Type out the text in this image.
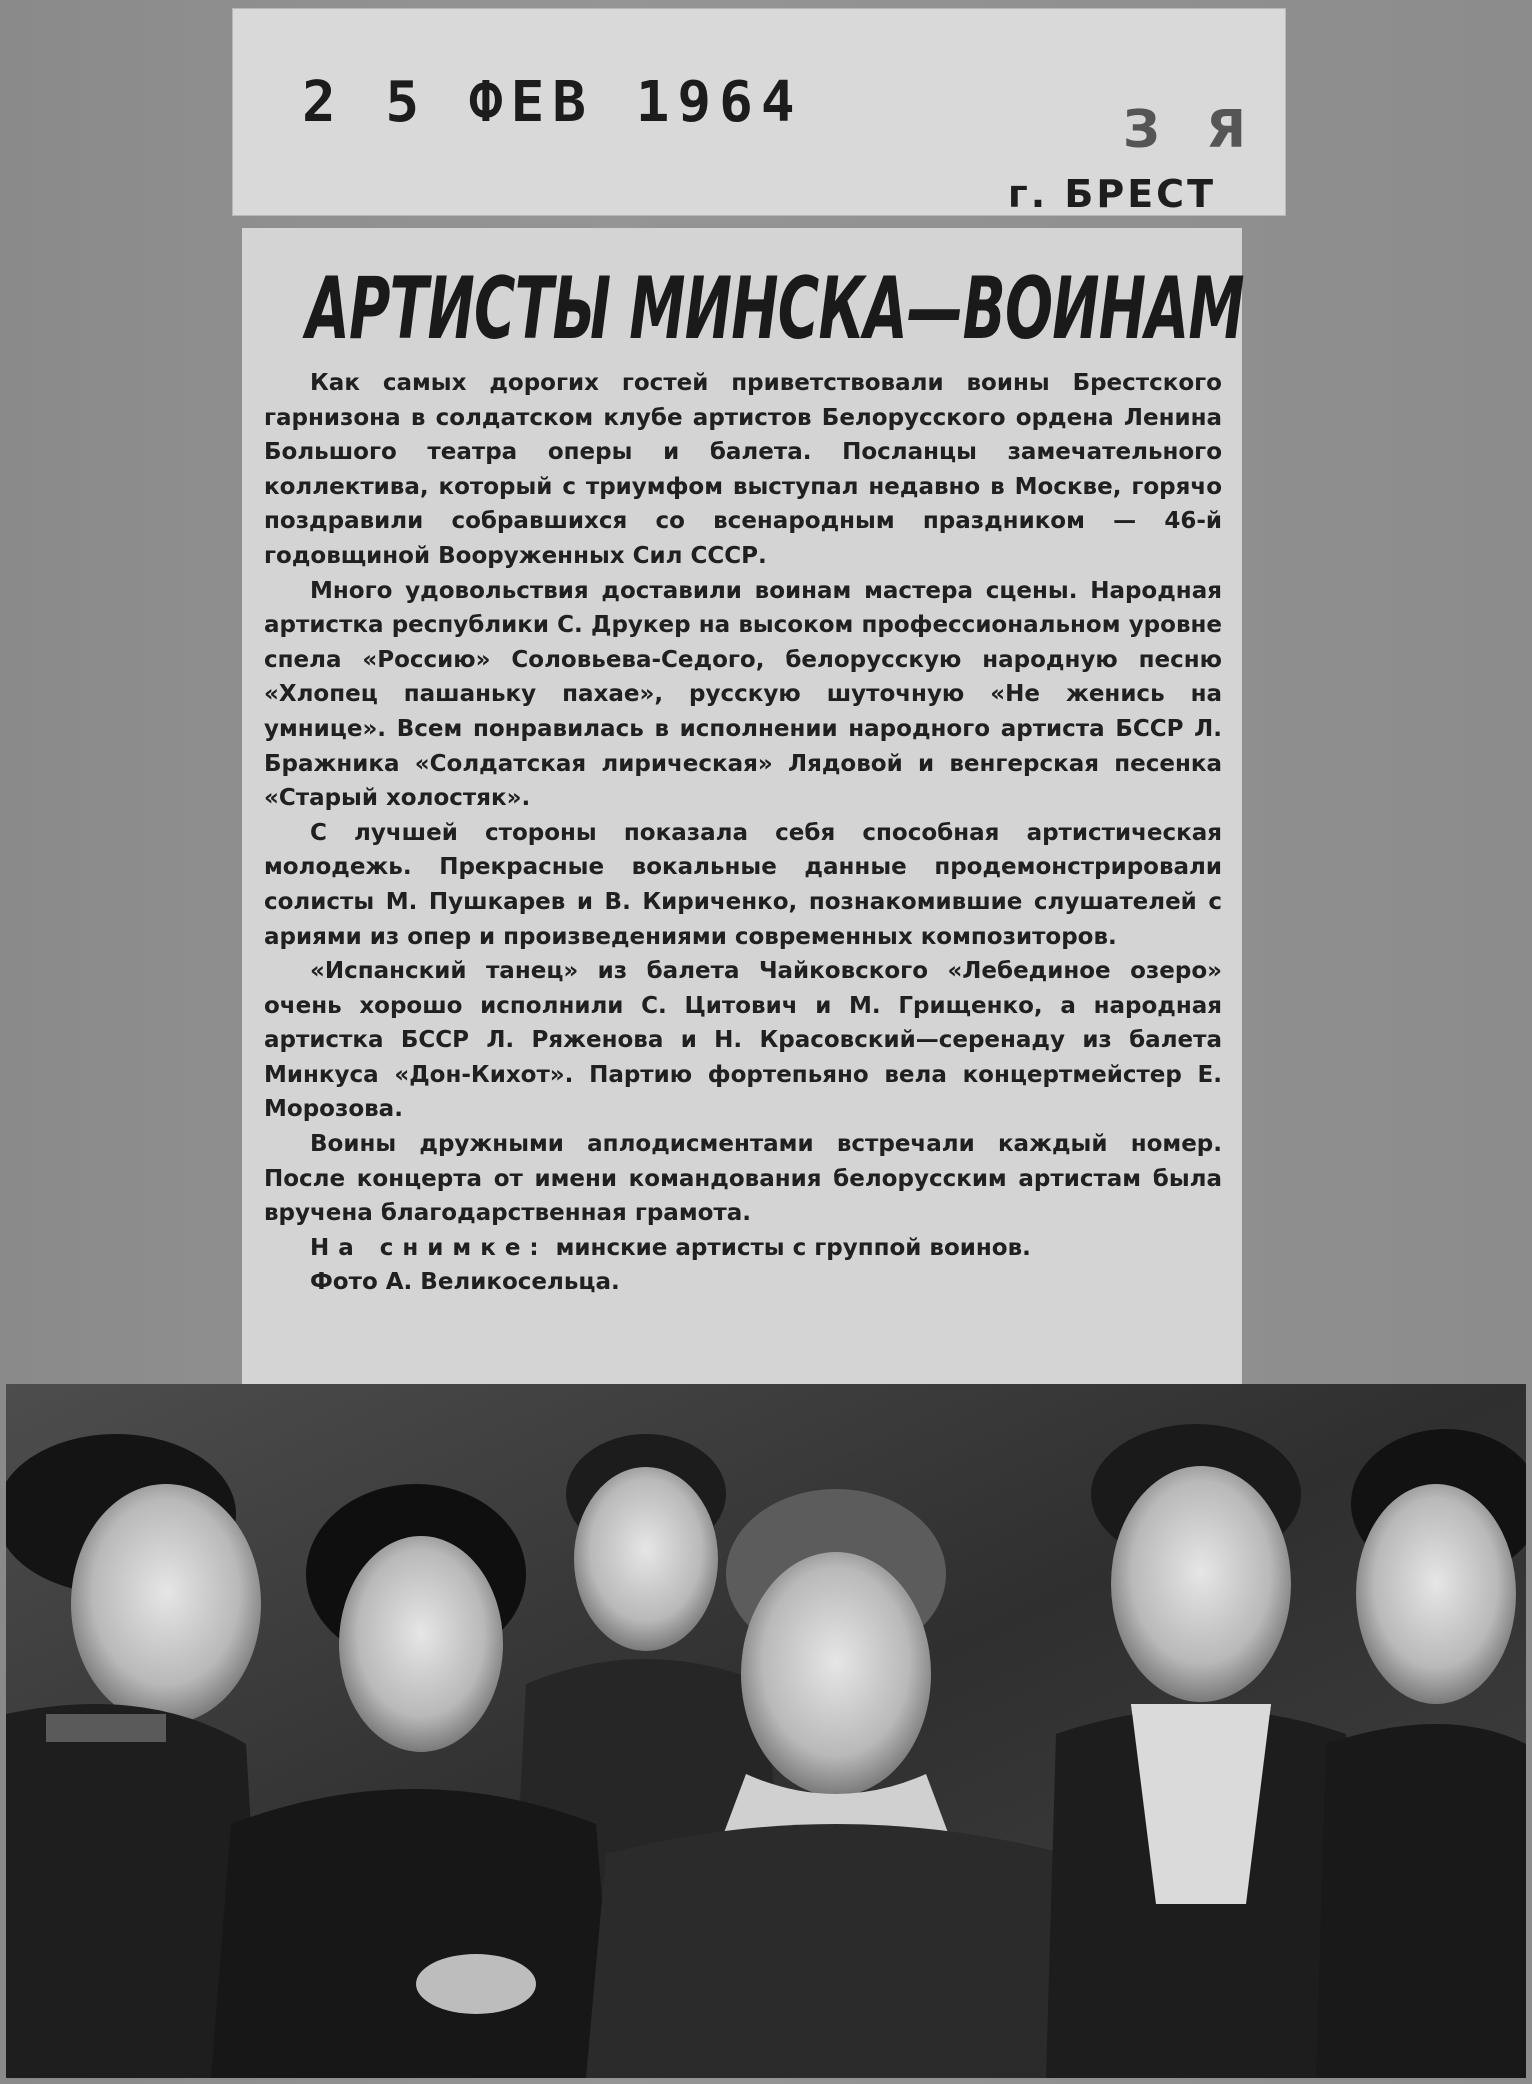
2 5 ФЕВ 1964	З Я
г. БРЕСТ
АРТИСТЫ МИНСКА—ВОИНАМ

Как самых дорогих гостей приветствовали воины Брестского гарнизона в солдатском клубе артистов Белорусского ордена Ленина Большого театра оперы и балета. Посланцы замечательного коллектива, который с триумфом выступал недавно в Москве, горячо поздравили собравшихся со всенародным праздником — 46-й годовщиной Вооруженных Сил СССР.

Много удовольствия доставили воинам мастера сцены. Народная артистка республики С. Друкер на высоком профессиональном уровне спела «Россию» Соловьева-Седого, белорусскую народную песню «Хлопец пашаньку пахае», русскую шуточную «Не женись на умнице». Всем понравилась в исполнении народного артиста БССР Л. Бражника «Солдатская лирическая» Лядовой и венгерская песенка «Старый холостяк».

С лучшей стороны показала себя способная артистическая молодежь. Прекрасные вокальные данные продемонстрировали солисты М. Пушкарев и В. Кириченко, познакомившие слушателей с ариями из опер и произведениями современных композиторов.

«Испанский танец» из балета Чайковского «Лебединое озеро» очень хорошо исполнили С. Цитович и М. Грищенко, а народная артистка БССР Л. Ряженова и Н. Красовский—серенаду из балета Минкуса «Дон-Кихот». Партию фортепьяно вела концертмейстер Е. Морозова.

Воины дружными аплодисментами встречали каждый номер. После концерта от имени командования белорусским артистам была вручена благодарственная грамота.

На снимке: минские артисты с группой воинов.

Фото А. Великосельца.
